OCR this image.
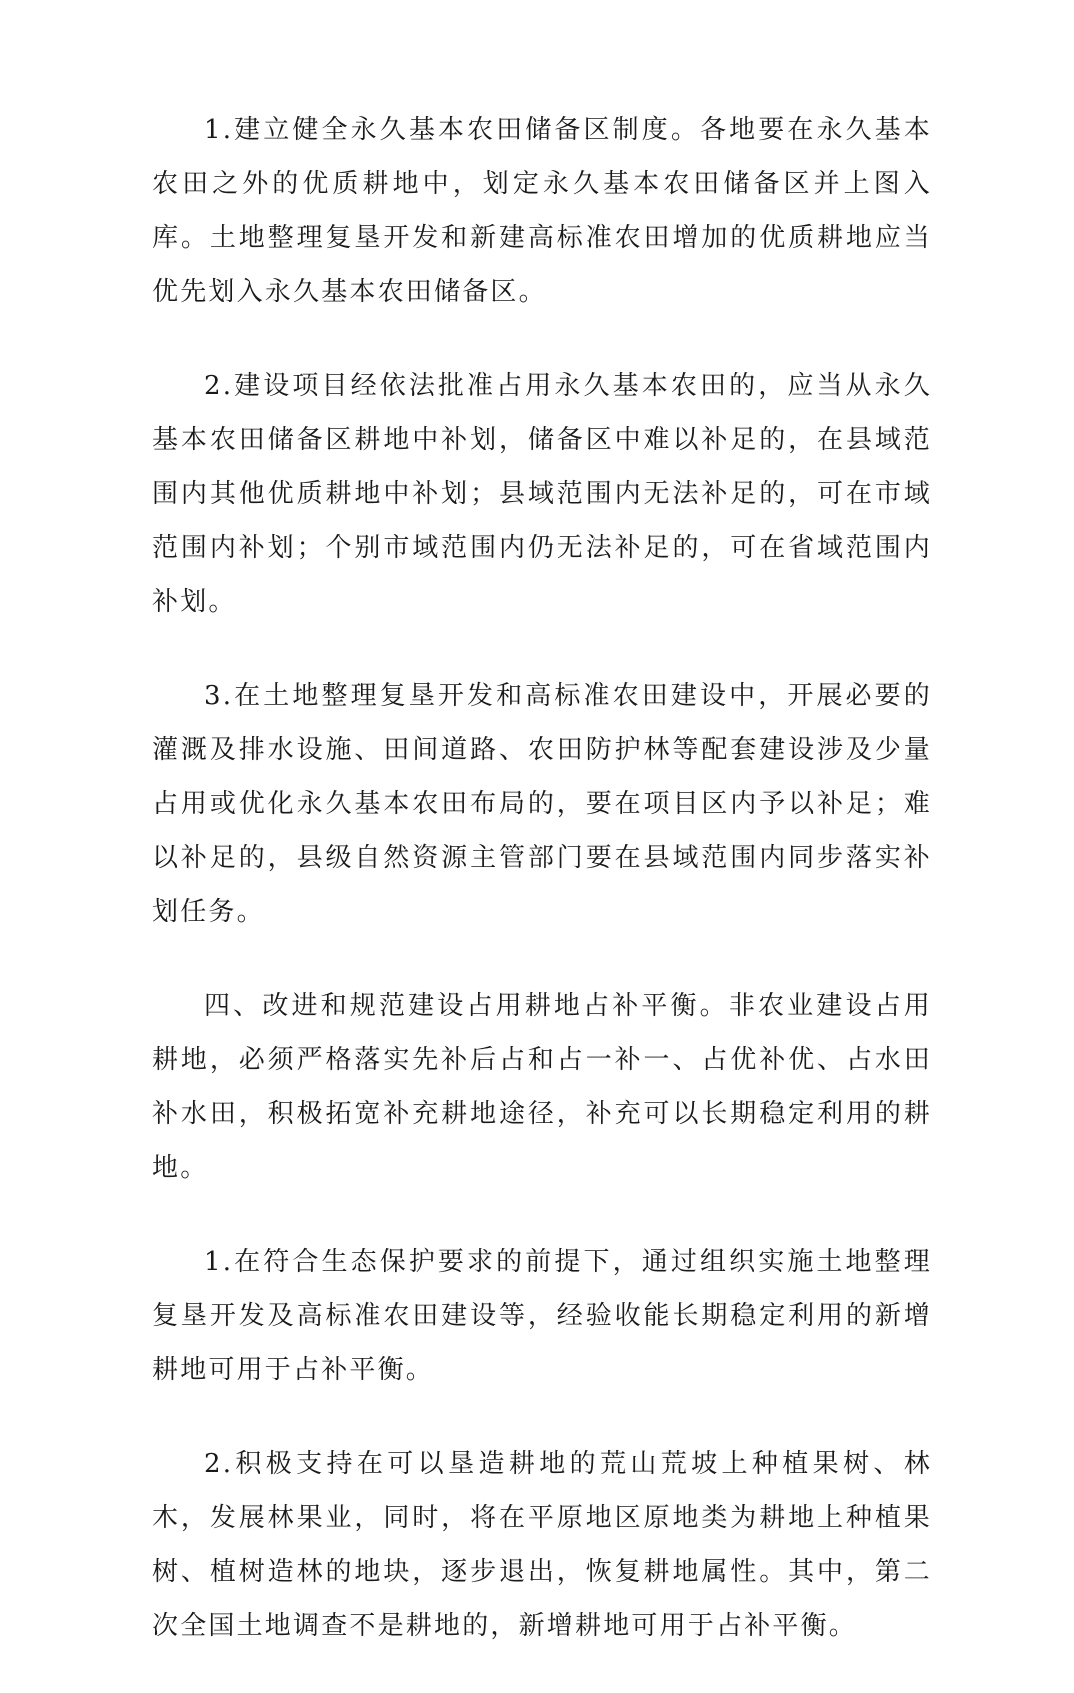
1.建立健全永久基本农田储备区制度。各地要在永久基本农田之外的优质耕地中，划定永久基本农田储备区并上图入库。土地整理复垦开发和新建高标准农田增加的优质耕地应当优先划入永久基本农田储备区。

2.建设项目经依法批准占用永久基本农田的，应当从永久基本农田储备区耕地中补划，储备区中难以补足的，在县域范围内其他优质耕地中补划；县域范围内无法补足的，可在市域范围内补划；个别市域范围内仍无法补足的，可在省域范围内补划。

3.在土地整理复垦开发和高标准农田建设中，开展必要的灌溉及排水设施、田间道路、农田防护林等配套建设涉及少量占用或优化永久基本农田布局的，要在项目区内予以补足；难以补足的，县级自然资源主管部门要在县域范围内同步落实补划任务。

四、改进和规范建设占用耕地占补平衡。非农业建设占用耕地，必须严格落实先补后占和占一补一、占优补优、占水田补水田，积极拓宽补充耕地途径，补充可以长期稳定利用的耕地。

1.在符合生态保护要求的前提下，通过组织实施土地整理复垦开发及高标准农田建设等，经验收能长期稳定利用的新增耕地可用于占补平衡。

2.积极支持在可以垦造耕地的荒山荒坡上种植果树、林木，发展林果业，同时，将在平原地区原地类为耕地上种植果树、植树造林的地块，逐步退出，恢复耕地属性。其中，第二次全国土地调查不是耕地的，新增耕地可用于占补平衡。
